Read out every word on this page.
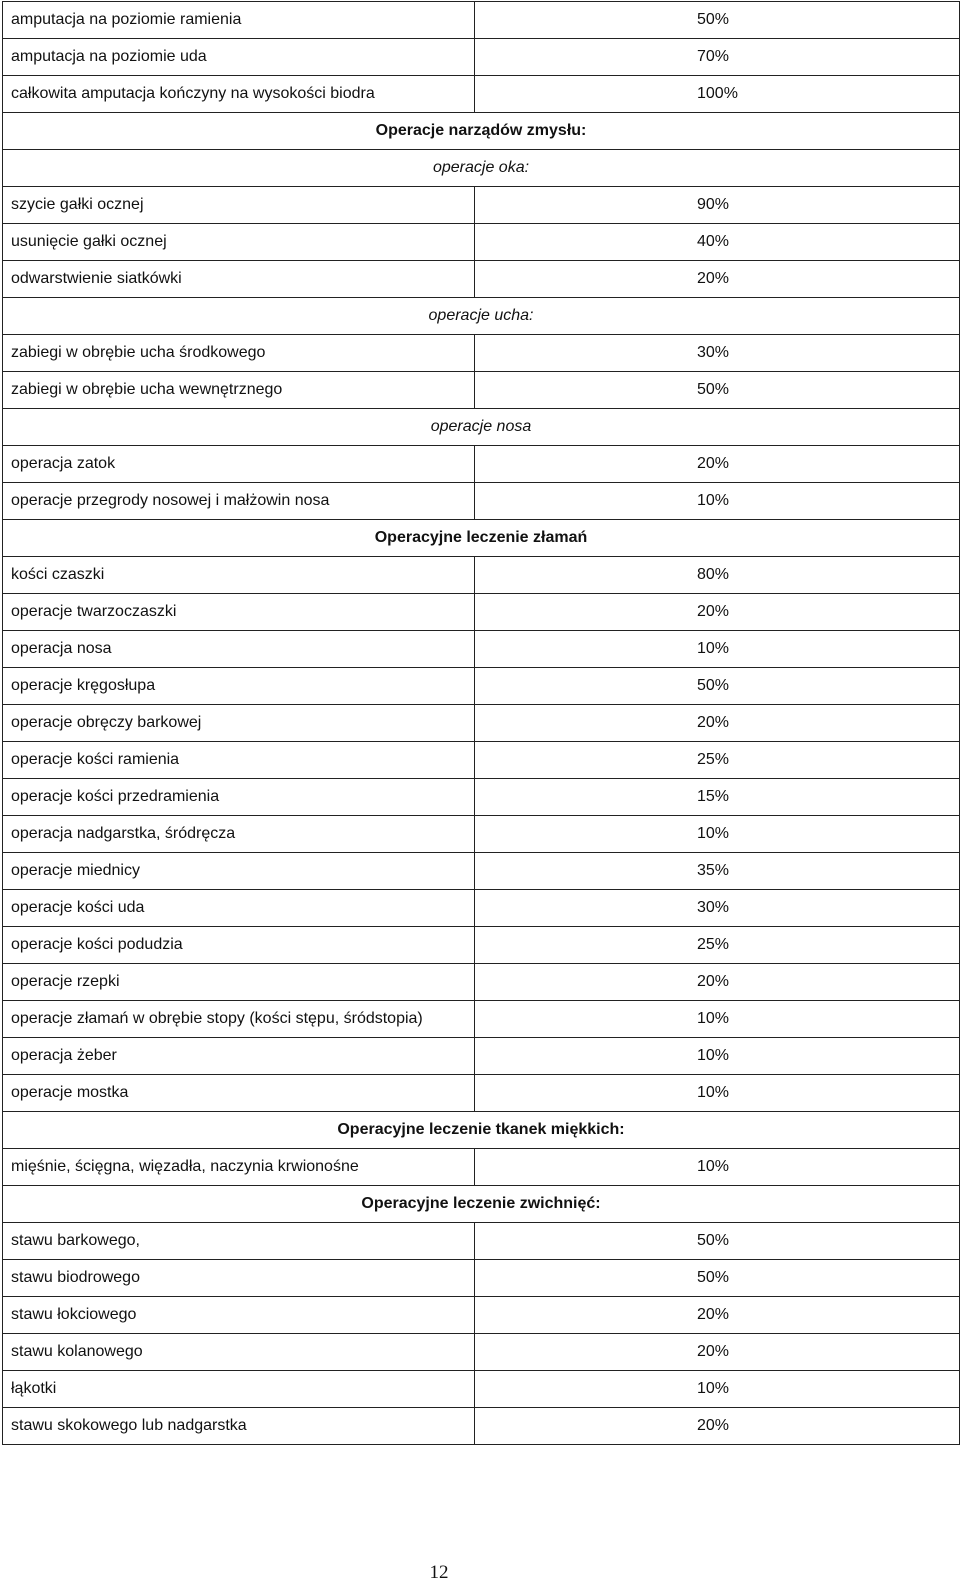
amputacja na poziomie ramienia	50%
amputacja na poziomie uda	70%
całkowita amputacja kończyny na wysokości biodra	100%
Operacje narządów zmysłu:
operacje oka:
szycie gałki ocznej	90%
usunięcie gałki ocznej	40%
odwarstwienie siatkówki	20%
operacje ucha:
zabiegi w obrębie ucha środkowego	30%
zabiegi w obrębie ucha wewnętrznego	50%
operacje nosa
operacja zatok	20%
operacje przegrody nosowej i małżowin nosa	10%
Operacyjne leczenie złamań
kości czaszki	80%
operacje twarzoczaszki	20%
operacja nosa	10%
operacje kręgosłupa	50%
operacje obręczy barkowej	20%
operacje kości ramienia	25%
operacje kości przedramienia	15%
operacja nadgarstka, śródręcza	10%
operacje miednicy	35%
operacje kości uda	30%
operacje kości podudzia	25%
operacje rzepki	20%
operacje złamań w obrębie stopy (kości stępu, śródstopia)	10%
operacja żeber	10%
operacje mostka	10%
Operacyjne leczenie tkanek miękkich:
mięśnie, ścięgna, więzadła, naczynia krwionośne	10%
Operacyjne leczenie zwichnięć:
stawu barkowego,	50%
stawu biodrowego	50%
stawu łokciowego	20%
stawu kolanowego	20%
łąkotki	10%
stawu skokowego lub nadgarstka	20%
12
